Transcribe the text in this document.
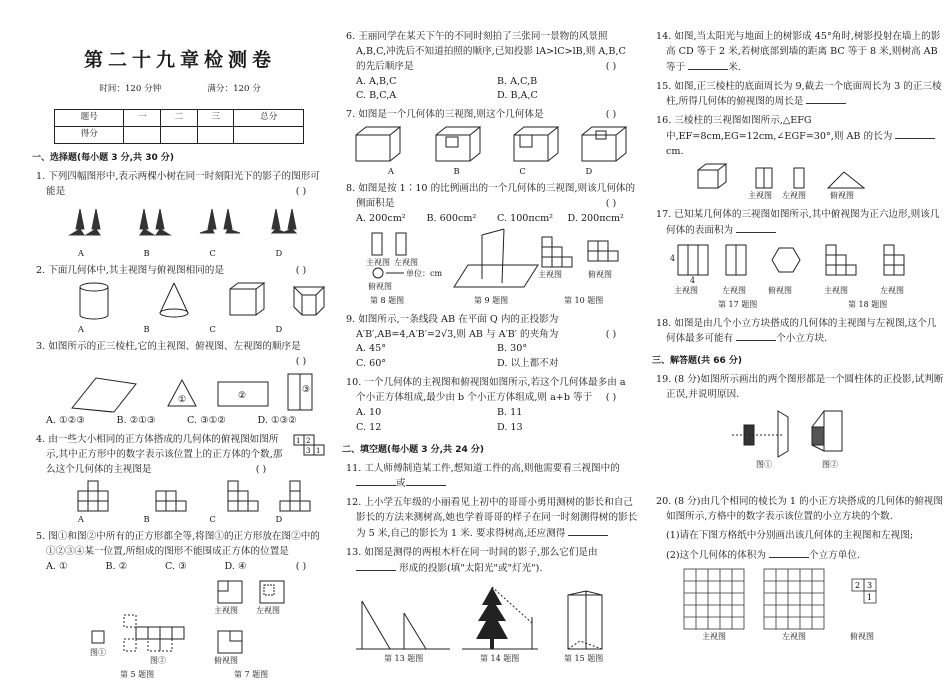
第二十九章检测卷
时间：120 分钟	满分：120 分
题号	一	二	三	总分
得分				
一、选择题(每小题 3 分,共 30 分)
1. 下列四幅图形中,表示两棵小树在同一时刻阳光下的影子的图形可能是	( )
A	B	C	D
2. 下面几何体中,其主视图与俯视图相同的是	( )
A	B	C	D
3. 如图所示的正三棱柱,它的主视图、俯视图、左视图的顺序是
( )
①	②
③
A. ①②③	B. ②①③	C. ③①②	D. ①③②
4. 由一些大小相同的正方体搭成的几何体的俯视图如图所示,其中正方形中的数字表示该位置上的正方体的个数,那么这个几何体的主视图是	( )
1 2
3 1
A	B	C	D
5. 图①和图②中所有的正方形都全等,将图①的正方形放在图②中的①②③④某一位置,所组成的图形不能围成正方体的位置是
( )
A. ①	B. ②	C. ③	D. ④
图①
图②
主视图 左视图
俯视图
第 5 题图	第 7 题图
6. 王丽同学在某天下午的不同时刻拍了三张同一景物的风景照 A,B,C,冲洗后不知道拍照的顺序,已知投影 lA>lC>lB,则 A,B,C 的先后顺序是	( )
A. A,B,C	B. A,C,B
C. B,C,A	D. B,A,C
7. 如图是一个几何体的三视图,则这个几何体是	( )
A	B	C	D
8. 如图是按 1∶10 的比例画出的一个几何体的三视图,则该几何体的侧面积是	( )
A. 200cm²	B. 600cm²	C. 100πcm²	D. 200πcm²
主视图 左视图
俯视图
单位：cm	主视图	俯视图
第 8 题图	第 9 题图	第 10 题图
9. 如图所示,一条线段 AB 在平面 Q 内的正投影为 A′B′,AB=4,A′B′=2√3,则 AB 与 A′B′ 的夹角为	( )
A. 45°	B. 30°
C. 60°	D. 以上都不对
10. 一个几何体的主视图和俯视图如图所示,若这个几何体最多由 a 个小正方体组成,最少由 b 个小正方体组成,则 a+b 等于	( )
A. 10	B. 11
C. 12	D. 13
二、填空题(每小题 3 分,共 24 分)
11. 工人师傅制造某工件,想知道工件的高,则他需要看三视图中的 或
12. 上小学五年级的小丽看见上初中的哥哥小勇用测树的影长和自己影长的方法来测树高,她也学着哥哥的样子在同一时刻测得树的影长为 5 米,自己的影长为 1 米. 要求得树高,还应测得
13. 如图是测得的两根木杆在同一时间的影子,那么它们是由  形成的投影(填"太阳光"或"灯光").
第 13 题图	第 14 题图	第 15 题图
14. 如图,当太阳光与地面上的树影成 45°角时,树影投射在墙上的影高 CD 等于 2 米,若树底部到墙的距离 BC 等于 8 米,则树高 AB 等于	米.
15. 如图,正三棱柱的底面周长为 9,截去一个底面周长为 3 的正三棱柱,所得几何体的俯视图的周长是
16. 三棱柱的三视图如图所示,△EFG 中,EF=8cm,EG=12cm,∠EGF=30°,则 AB 的长为 cm.
主视图 左视图	俯视图
17. 已知某几何体的三视图如图所示,其中俯视图为正六边形,则该几何体的表面积为
4
4
主视图	左视图	俯视图	主视图	左视图
第 17 题图	第 18 题图
18. 如图是由几个小立方块搭成的几何体的主视图与左视图,这个几何体最多可能有	个小立方块.
三、解答题(共 66 分)
19. (8 分)如图所示画出的两个图形都是一个圆柱体的正投影,试判断正误,并说明原因.
图①	图②
20. (8 分)由几个相同的棱长为 1 的小正方块搭成的几何体的俯视图如图所示,方格中的数字表示该位置的小立方块的个数.
(1)请在下图方格纸中分别画出该几何体的主视图和左视图;
(2)这个几何体的体积为	个立方单位.
2 3
1
主视图	左视图	俯视图
